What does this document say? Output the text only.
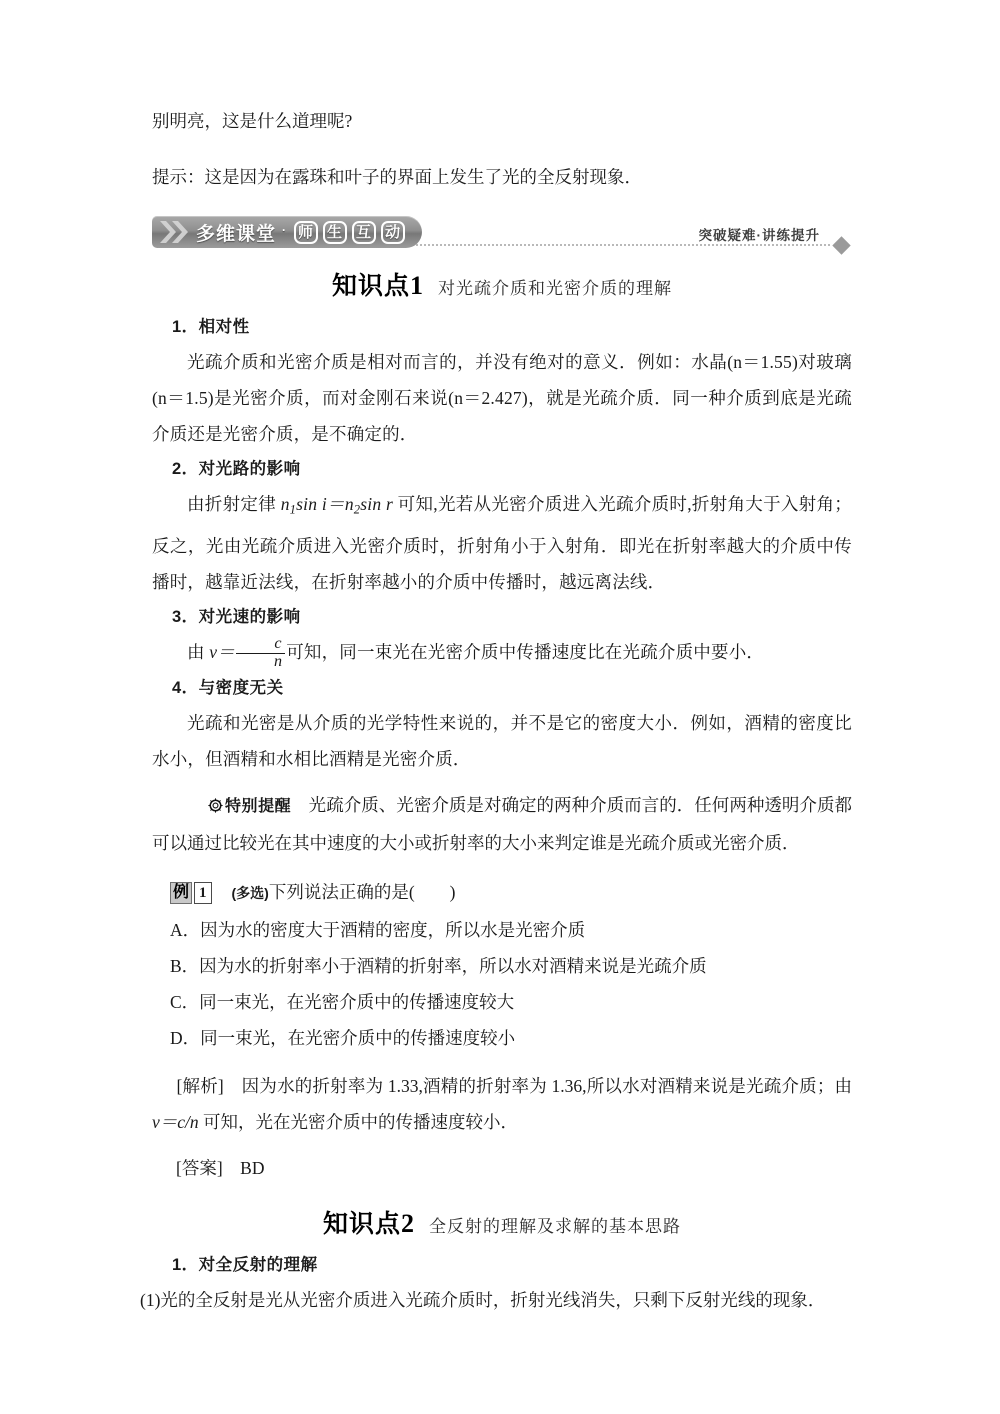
别明亮，这是什么道理呢?

提示：这是因为在露珠和叶子的界面上发生了光的全反射现象．

多维课堂 · 师 生 互 动	突破疑难·讲练提升
知识点1 对光疏介质和光密介质的理解

1．相对性

光疏介质和光密介质是相对而言的，并没有绝对的意义．例如：水晶(n＝1.55)对玻璃(n＝1.5)是光密介质，而对金刚石来说(n＝2.427)，就是光疏介质．同一种介质到底是光疏介质还是光密介质，是不确定的．

2．对光路的影响

由折射定律 $n_1\sin$ $i=n_2\sin$ r 可知,光若从光密介质进入光疏介质时,折射角大于入射角；反之，光由光疏介质进入光密介质时，折射角小于入射角．即光在折射率越大的介质中传播时，越靠近法线，在折射率越小的介质中传播时，越远离法线．

3．对光速的影响

由 $v= \frac{c}{n}$ 可知，同一束光在光密介质中传播速度比在光疏介质中要小．

4．与密度无关

光疏和光密是从介质的光学特性来说的，并不是它的密度大小．例如，酒精的密度比水小，但酒精和水相比酒精是光密介质．

特别提醒　 光疏介质、光密介质是对确定的两种介质而言的．任何两种透明介质都可以通过比较光在其中速度的大小或折射率的大小来判定谁是光疏介质或光密介质．

例 1	(多选)下列说法正确的是(　　)

A．因为水的密度大于酒精的密度，所以水是光密介质

B．因为水的折射率小于酒精的折射率，所以水对酒精来说是光疏介质

C．同一束光，在光密介质中的传播速度较大

D．同一束光，在光密介质中的传播速度较小

[解析]　 因为水的折射率为 1.33,酒精的折射率为 1.36,所以水对酒精来说是光疏介质；由 v＝c/n 可知，光在光密介质中的传播速度较小．

[答案]　 BD

知识点2 全反射的理解及求解的基本思路

1．对全反射的理解

(1)光的全反射是光从光密介质进入光疏介质时，折射光线消失，只剩下反射光线的现象．
